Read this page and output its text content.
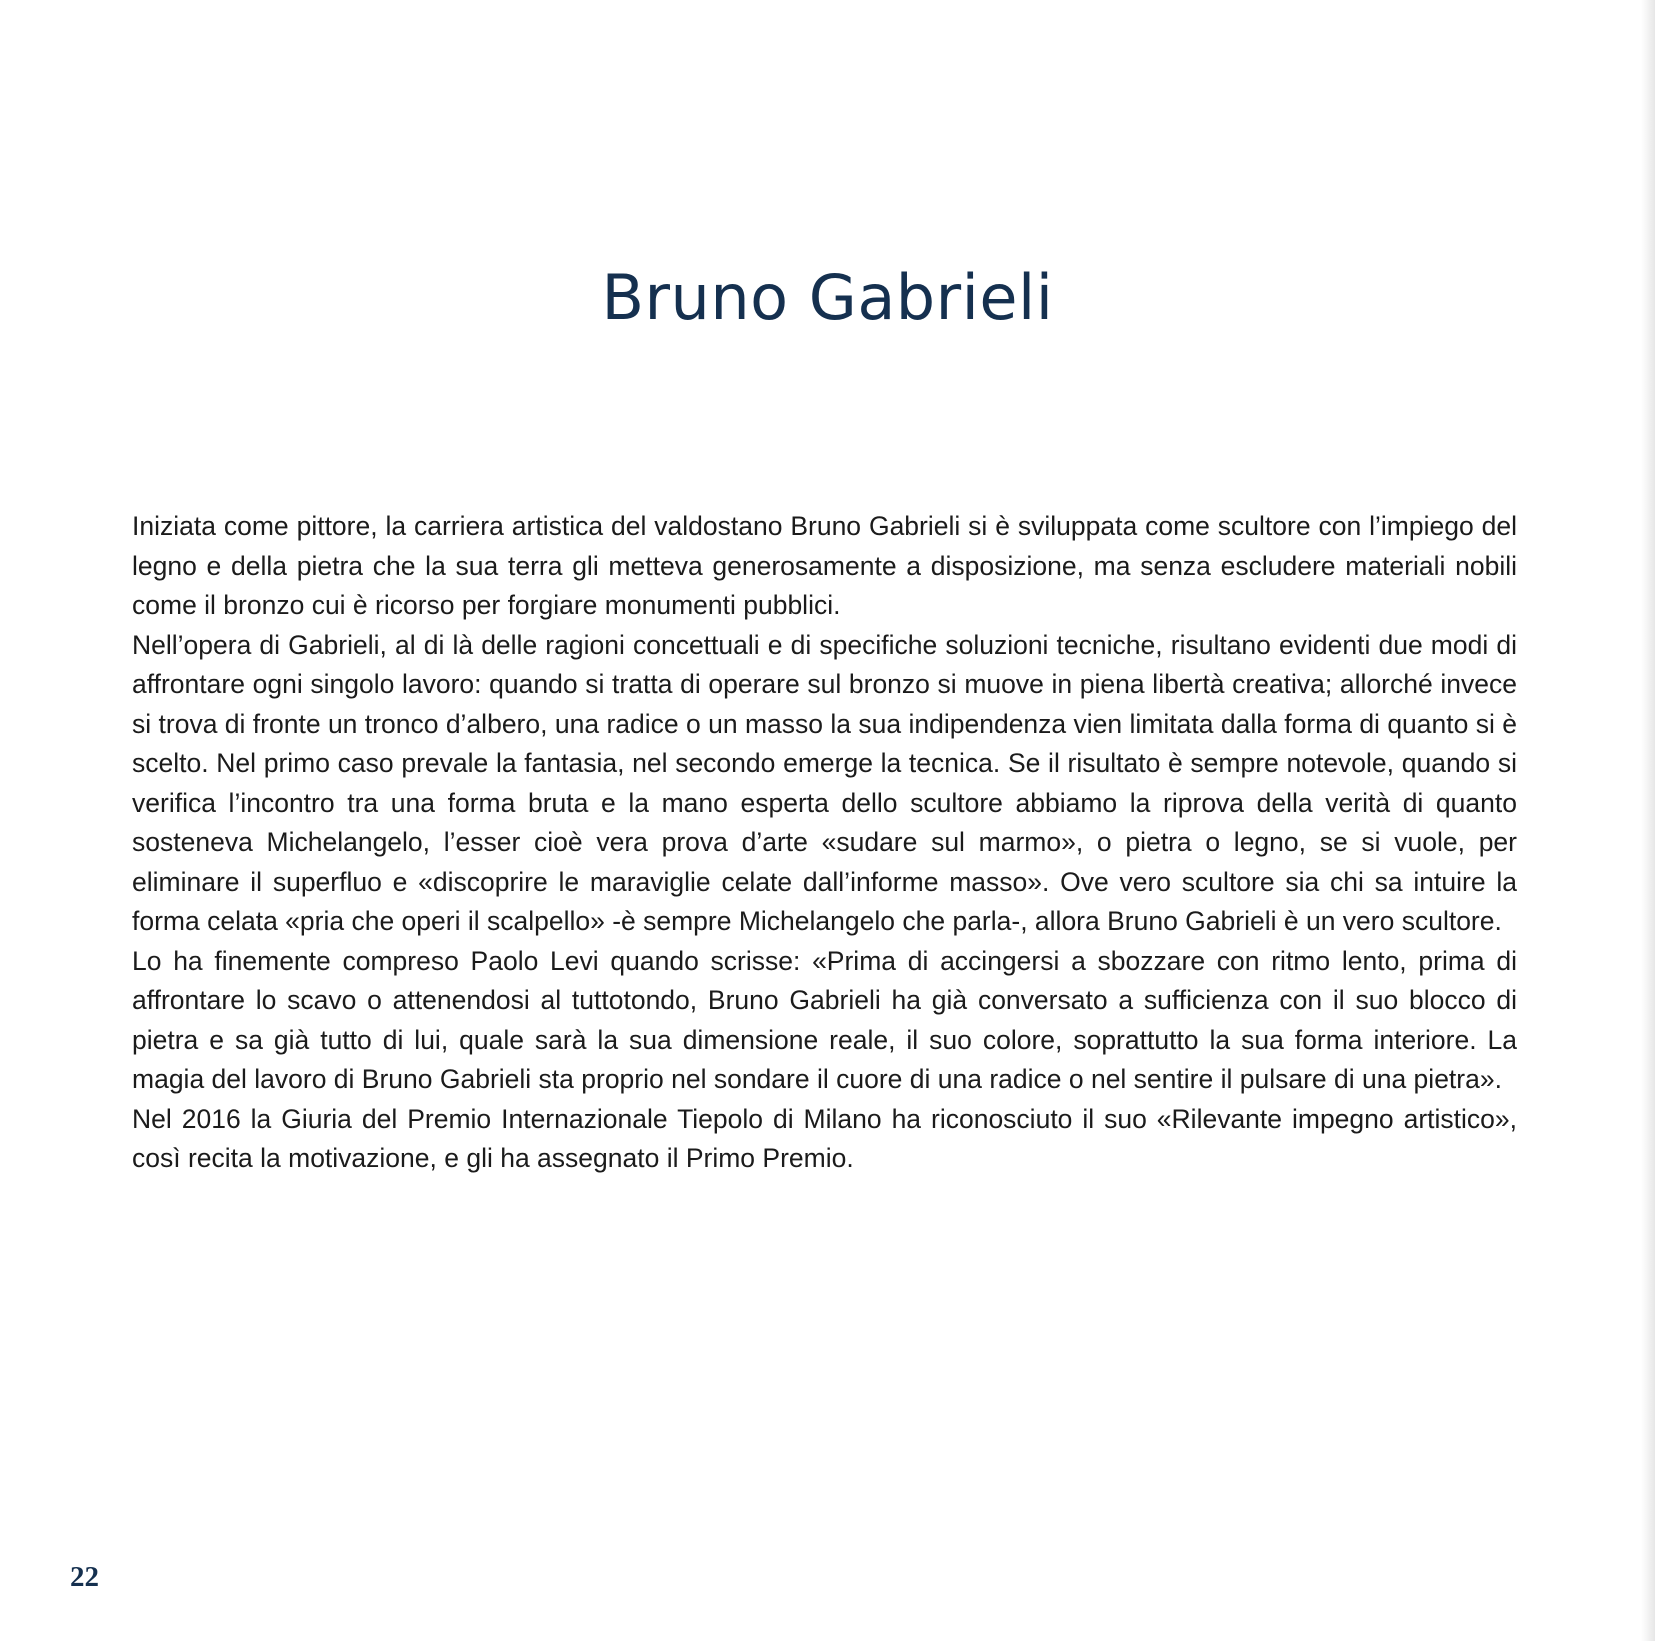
Bruno Gabrieli

Iniziata come pittore, la carriera artistica del valdostano Bruno Gabrieli si è sviluppata come scultore con l’impiego del legno e della pietra che la sua terra gli metteva generosamente a disposizione, ma senza escludere materiali nobili come il bronzo cui è ricorso per forgiare monumenti pubblici.

Nell’opera di Gabrieli, al di là delle ragioni concettuali e di specifiche soluzioni tecniche, risultano evidenti due modi di affrontare ogni singolo lavoro: quando si tratta di operare sul bronzo si muove in piena libertà creativa; allorché invece si trova di fronte un tronco d’albero, una radice o un masso la sua indipendenza vien limitata dalla forma di quanto si è scelto. Nel primo caso prevale la fantasia, nel secondo emerge la tecnica. Se il risultato è sempre notevole, quando si verifica l’incontro tra una forma bruta e la mano esperta dello scultore abbiamo la riprova della verità di quanto sosteneva Michelangelo, l’esser cioè vera prova d’arte «sudare sul marmo», o pietra o legno, se si vuole, per eliminare il superfluo e «discoprire le maraviglie celate dall’informe masso». Ove vero scultore sia chi sa intuire la forma celata «pria che operi il scalpello» -è sempre Michelangelo che parla-, allora Bruno Gabrieli è un vero scultore.

Lo ha finemente compreso Paolo Levi quando scrisse: «Prima di accingersi a sbozzare con ritmo lento, prima di affrontare lo scavo o attenendosi al tuttotondo, Bruno Gabrieli ha già conversato a sufficienza con il suo blocco di pietra e sa già tutto di lui, quale sarà la sua dimensione reale, il suo colore, soprattutto la sua forma interiore. La magia del lavoro di Bruno Gabrieli sta proprio nel sondare il cuore di una radice o nel sentire il pulsare di una pietra».

Nel 2016 la Giuria del Premio Internazionale Tiepolo di Milano ha riconosciuto il suo «Rilevante impegno artistico», così recita la motivazione, e gli ha assegnato il Primo Premio.

22
